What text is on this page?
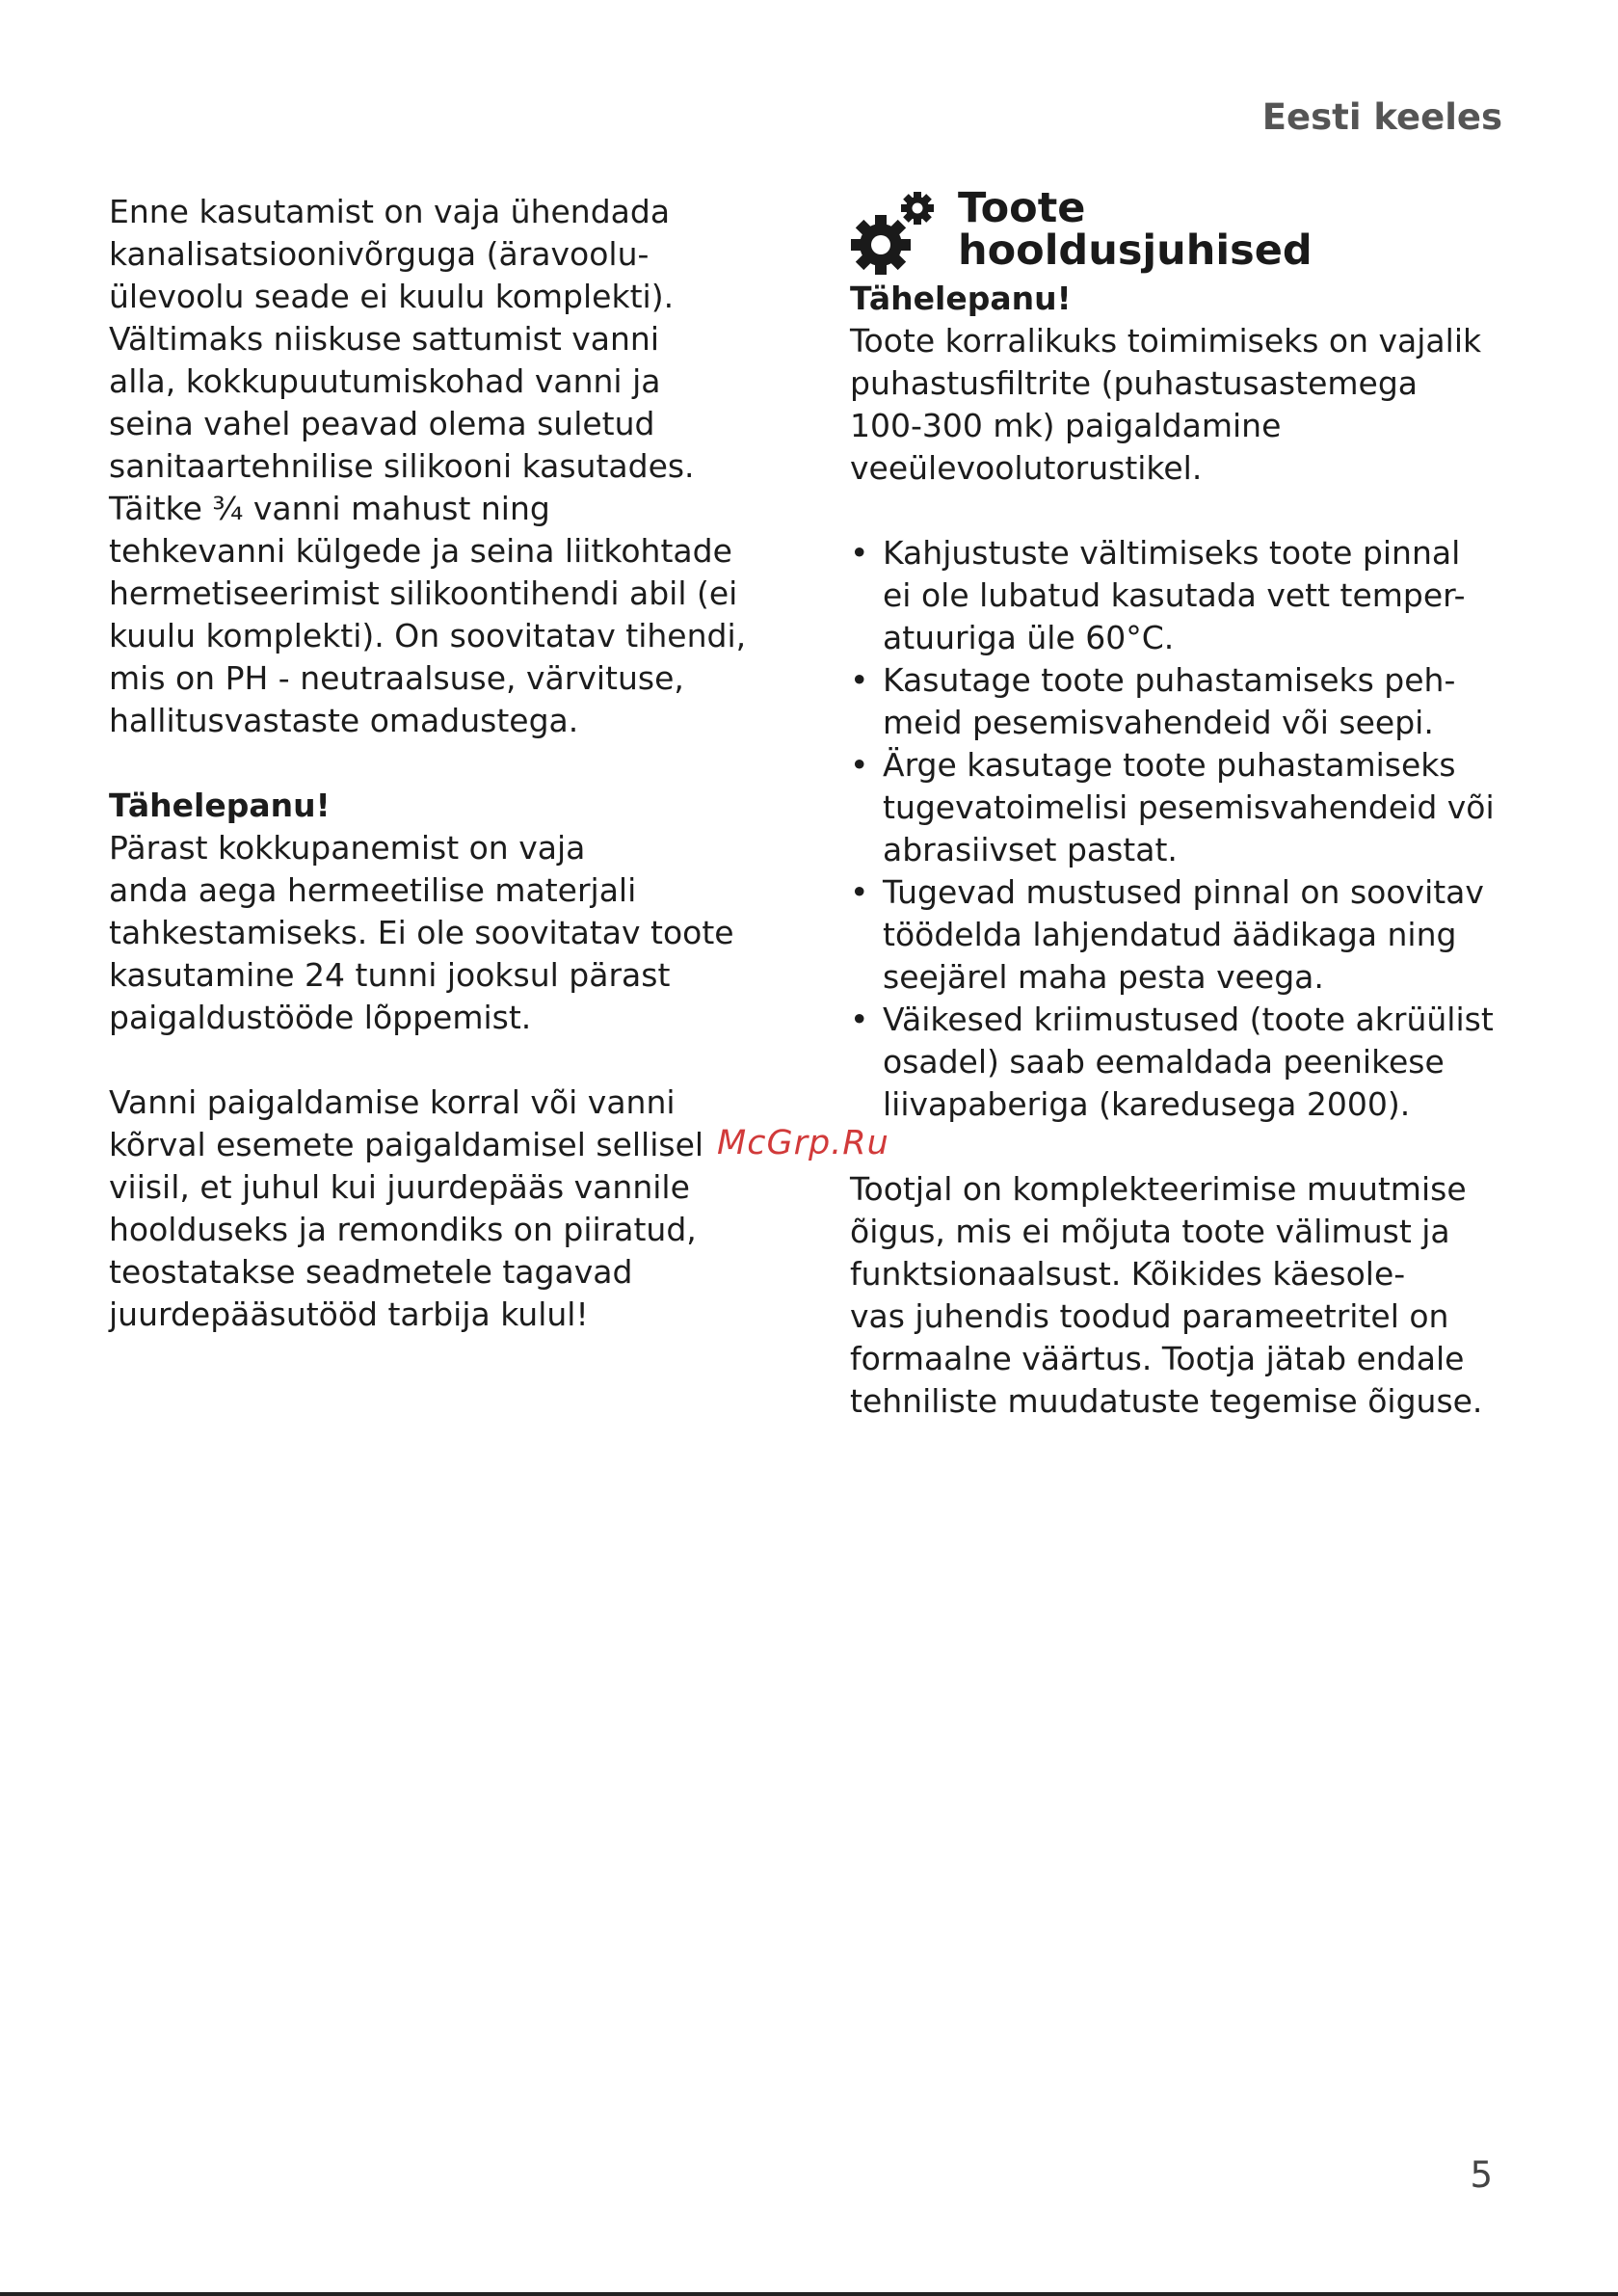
Eesti keeles
Enne kasutamist on vaja ühendada
kanalisatsioonivõrguga (äravoolu-
ülevoolu seade ei kuulu komplekti).
Vältimaks niiskuse sattumist vanni
alla, kokkupuutumiskohad vanni ja
seina vahel peavad olema suletud
sanitaartehnilise silikooni kasutades.
Täitke ¾ vanni mahust ning
tehkevanni külgede ja seina liitkohtade
hermetiseerimist silikoontihendi abil (ei
kuulu komplekti). On soovitatav tihendi,
mis on PH - neutraalsuse, värvituse,
hallitusvastaste omadustega.
Tähelepanu!
Pärast kokkupanemist on vaja
anda aega hermeetilise materjali
tahkestamiseks. Ei ole soovitatav toote
kasutamine 24 tunni jooksul pärast
paigaldustööde lõppemist.
Vanni paigaldamise korral või vanni
kõrval esemete paigaldamisel sellisel
viisil, et juhul kui juurdepääs vannile
hoolduseks ja remondiks on piiratud,
teostatakse seadmetele tagavad
juurdepääsutööd tarbija kulul!
Toote
hooldusjuhised
Tähelepanu!
Toote korralikuks toimimiseks on vajalik
puhastusfiltrite (puhastusastemega
100-300 mk) paigaldamine
veeülevoolutorustikel.
• Kahjustuste vältimiseks toote pinnal
ei ole lubatud kasutada vett temper-
atuuriga üle 60°C.
• Kasutage toote puhastamiseks peh-
meid pesemisvahendeid või seepi.
• Ärge kasutage toote puhastamiseks
tugevatoimelisi pesemisvahendeid või
abrasiivset pastat.
• Tugevad mustused pinnal on soovitav
töödelda lahjendatud äädikaga ning
seejärel maha pesta veega.
• Väikesed kriimustused (toote akrüülist
osadel) saab eemaldada peenikese
liivapaberiga (karedusega 2000).
Tootjal on komplekteerimise muutmise
õigus, mis ei mõjuta toote välimust ja
funktsionaalsust. Kõikides käesole-
vas juhendis toodud parameetritel on
formaalne väärtus. Tootja jätab endale
tehniliste muudatuste tegemise õiguse.
McGrp.Ru
5
